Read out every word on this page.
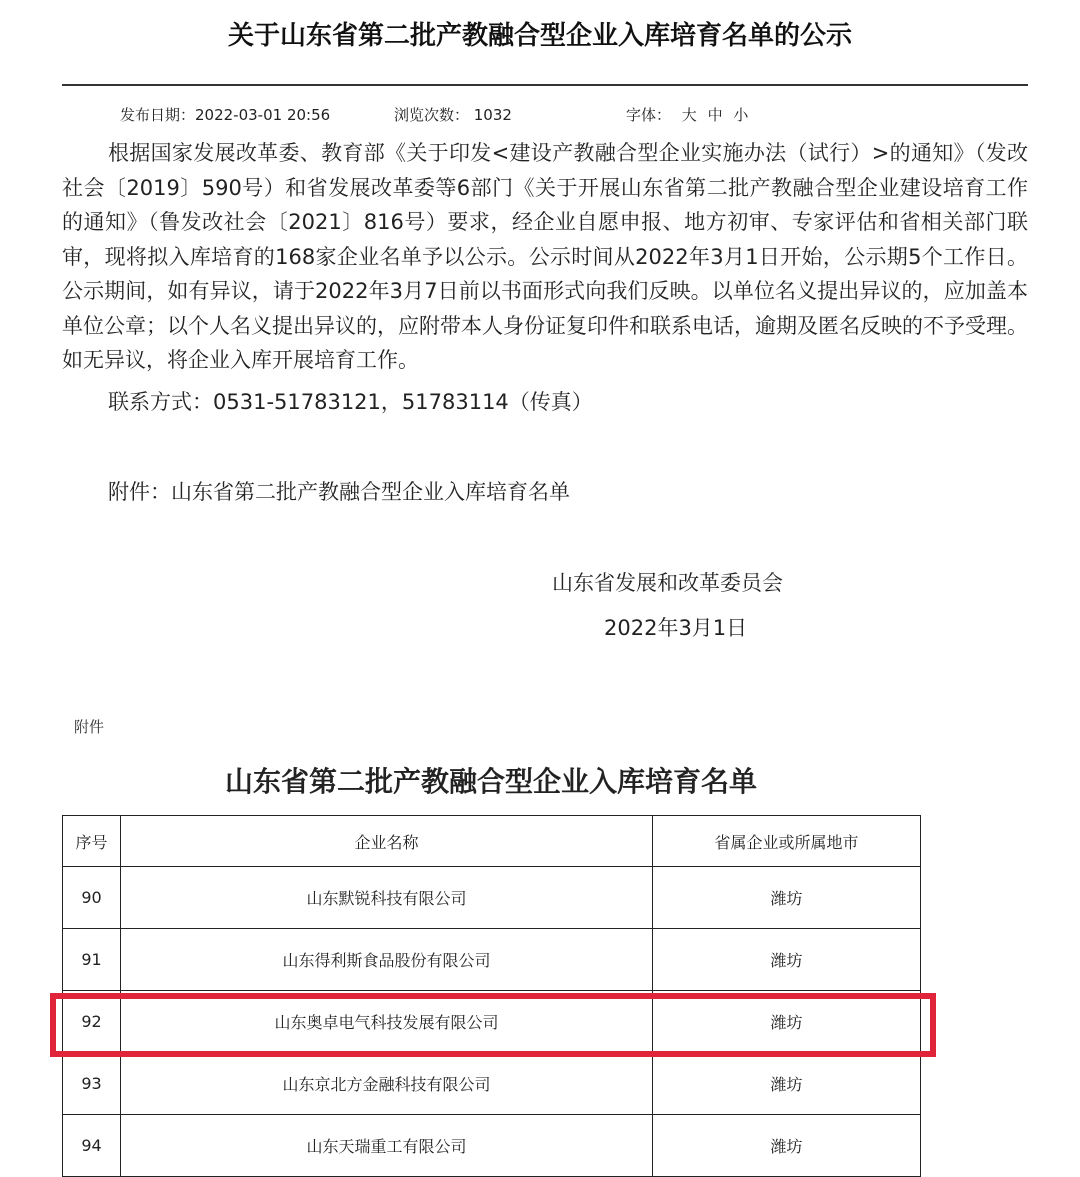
关于山东省第二批产教融合型企业入库培育名单的公示
发布日期：2022-03-01 20:56	浏览次数： 1032	字体： 大 中 小

根据国家发展改革委、教育部《关于印发<建设产教融合型企业实施办法（试行）>的通知》（发改社会〔2019〕590号）和省发展改革委等6部门《关于开展山东省第二批产教融合型企业建设培育工作的通知》（鲁发改社会〔2021〕816号）要求，经企业自愿申报、地方初审、专家评估和省相关部门联审，现将拟入库培育的168家企业名单予以公示。公示时间从2022年3月1日开始，公示期5个工作日。公示期间，如有异议，请于2022年3月7日前以书面形式向我们反映。以单位名义提出异议的，应加盖本单位公章；以个人名义提出异议的，应附带本人身份证复印件和联系电话，逾期及匿名反映的不予受理。如无异议，将企业入库开展培育工作。

联系方式：0531-51783121，51783114（传真）
附件：山东省第二批产教融合型企业入库培育名单
山东省发展和改革委员会
2022年3月1日
附件
山东省第二批产教融合型企业入库培育名单
序号	企业名称	省属企业或所属地市
90	山东默锐科技有限公司	潍坊
91	山东得利斯食品股份有限公司	潍坊
92	山东奥卓电气科技发展有限公司	潍坊
93	山东京北方金融科技有限公司	潍坊
94	山东天瑞重工有限公司	潍坊
